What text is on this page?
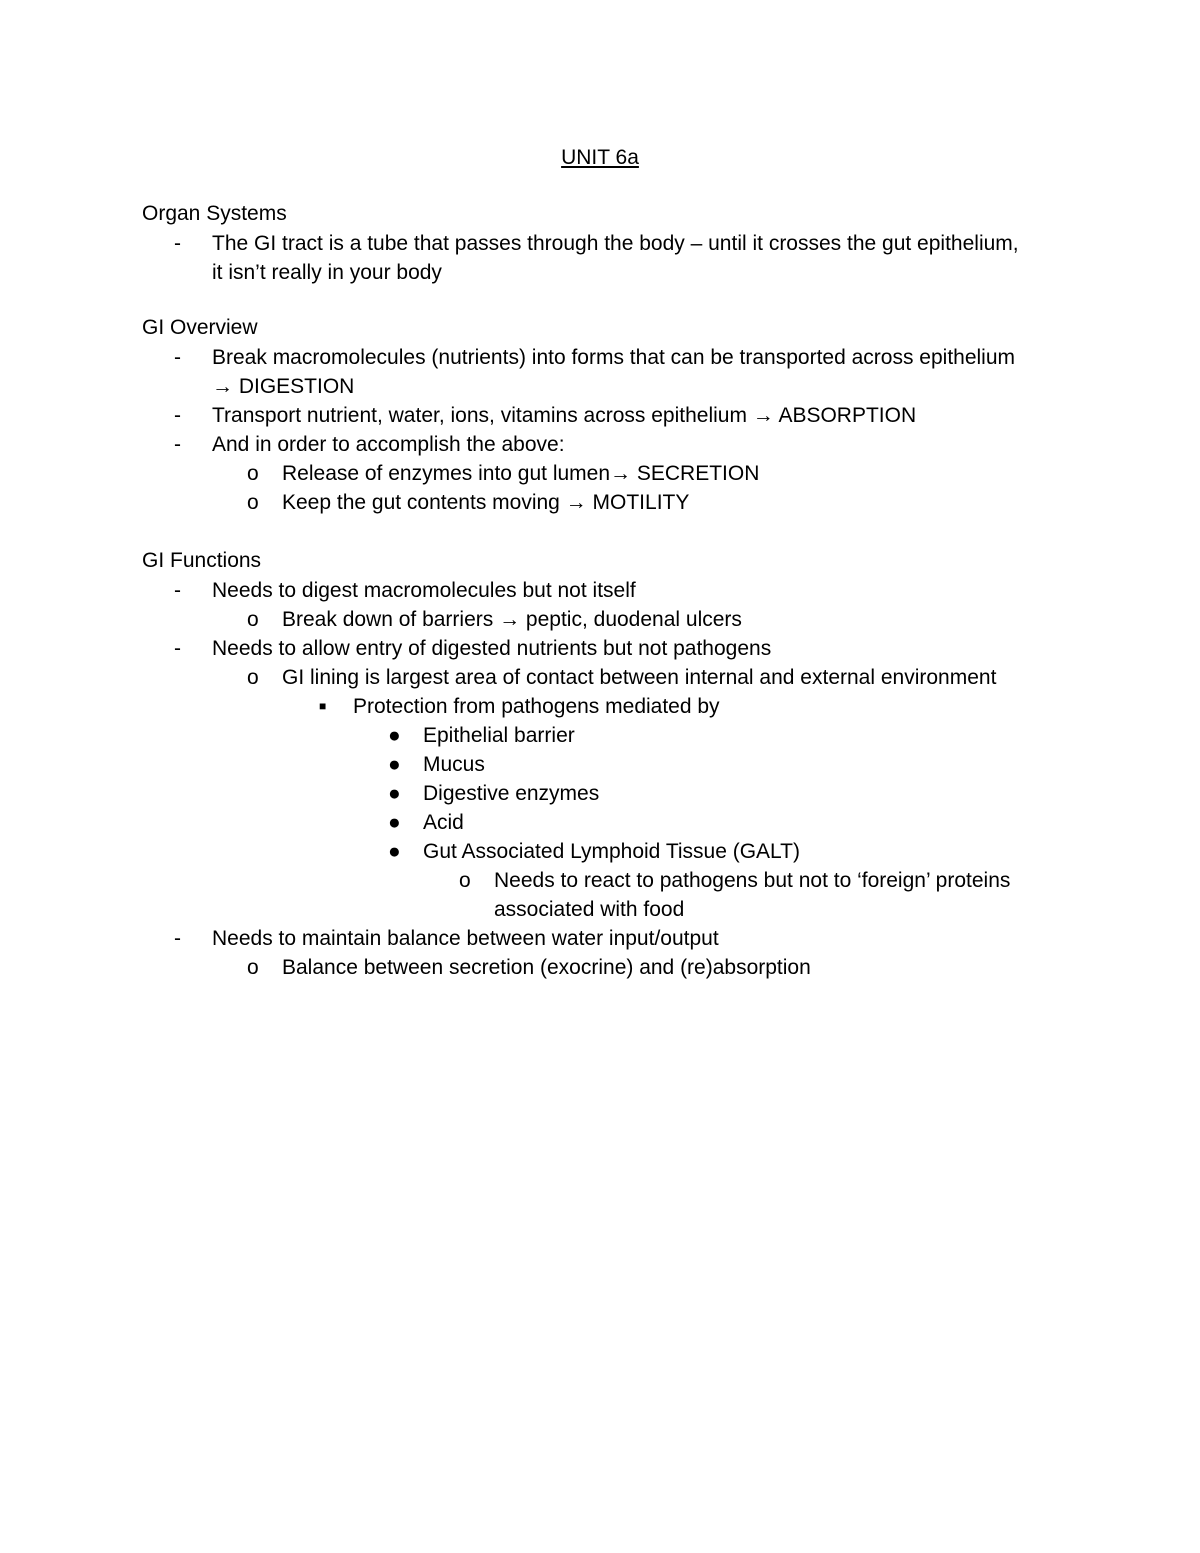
UNIT 6a
Organ Systems
- The GI tract is a tube that passes through the body – until it crosses the gut epithelium,
it isn’t really in your body
GI Overview
- Break macromolecules (nutrients) into forms that can be transported across epithelium
→ DIGESTION
- Transport nutrient, water, ions, vitamins across epithelium → ABSORPTION
- And in order to accomplish the above:
o Release of enzymes into gut lumen→ SECRETION
o Keep the gut contents moving → MOTILITY
GI Functions
- Needs to digest macromolecules but not itself
o Break down of barriers → peptic, duodenal ulcers
- Needs to allow entry of digested nutrients but not pathogens
o GI lining is largest area of contact between internal and external environment
■ Protection from pathogens mediated by
● Epithelial barrier
● Mucus
● Digestive enzymes
● Acid
● Gut Associated Lymphoid Tissue (GALT)
o Needs to react to pathogens but not to ‘foreign’ proteins
associated with food
- Needs to maintain balance between water input/output
o Balance between secretion (exocrine) and (re)absorption
